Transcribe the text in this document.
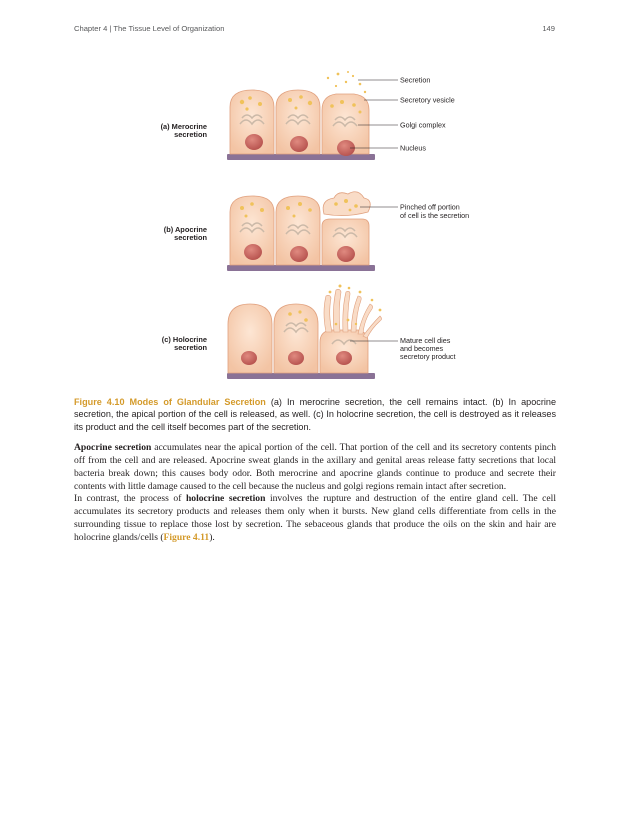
Chapter 4 | The Tissue Level of Organization	149
Secretion
Secretory vesicle
Golgi complex
Nucleus
(a) Merocrine
secretion
Pinched off portion
of cell is the secretion
(b) Apocrine
secretion
Mature cell dies
and becomes
secretory product
(c) Holocrine
secretion

Figure 4.10 Modes of Glandular Secretion (a) In merocrine secretion, the cell remains intact. (b) In apocrine secretion, the apical portion of the cell is released, as well. (c) In holocrine secretion, the cell is destroyed as it releases its product and the cell itself becomes part of the secretion.

Apocrine secretion accumulates near the apical portion of the cell. That portion of the cell and its secretory contents pinch off from the cell and are released. Apocrine sweat glands in the axillary and genital areas release fatty secretions that local bacteria break down; this causes body odor. Both merocrine and apocrine glands continue to produce and secrete their contents with little damage caused to the cell because the nucleus and golgi regions remain intact after secretion.

In contrast, the process of holocrine secretion involves the rupture and destruction of the entire gland cell. The cell accumulates its secretory products and releases them only when it bursts. New gland cells differentiate from cells in the surrounding tissue to replace those lost by secretion. The sebaceous glands that produce the oils on the skin and hair are holocrine glands/cells (Figure 4.11).
